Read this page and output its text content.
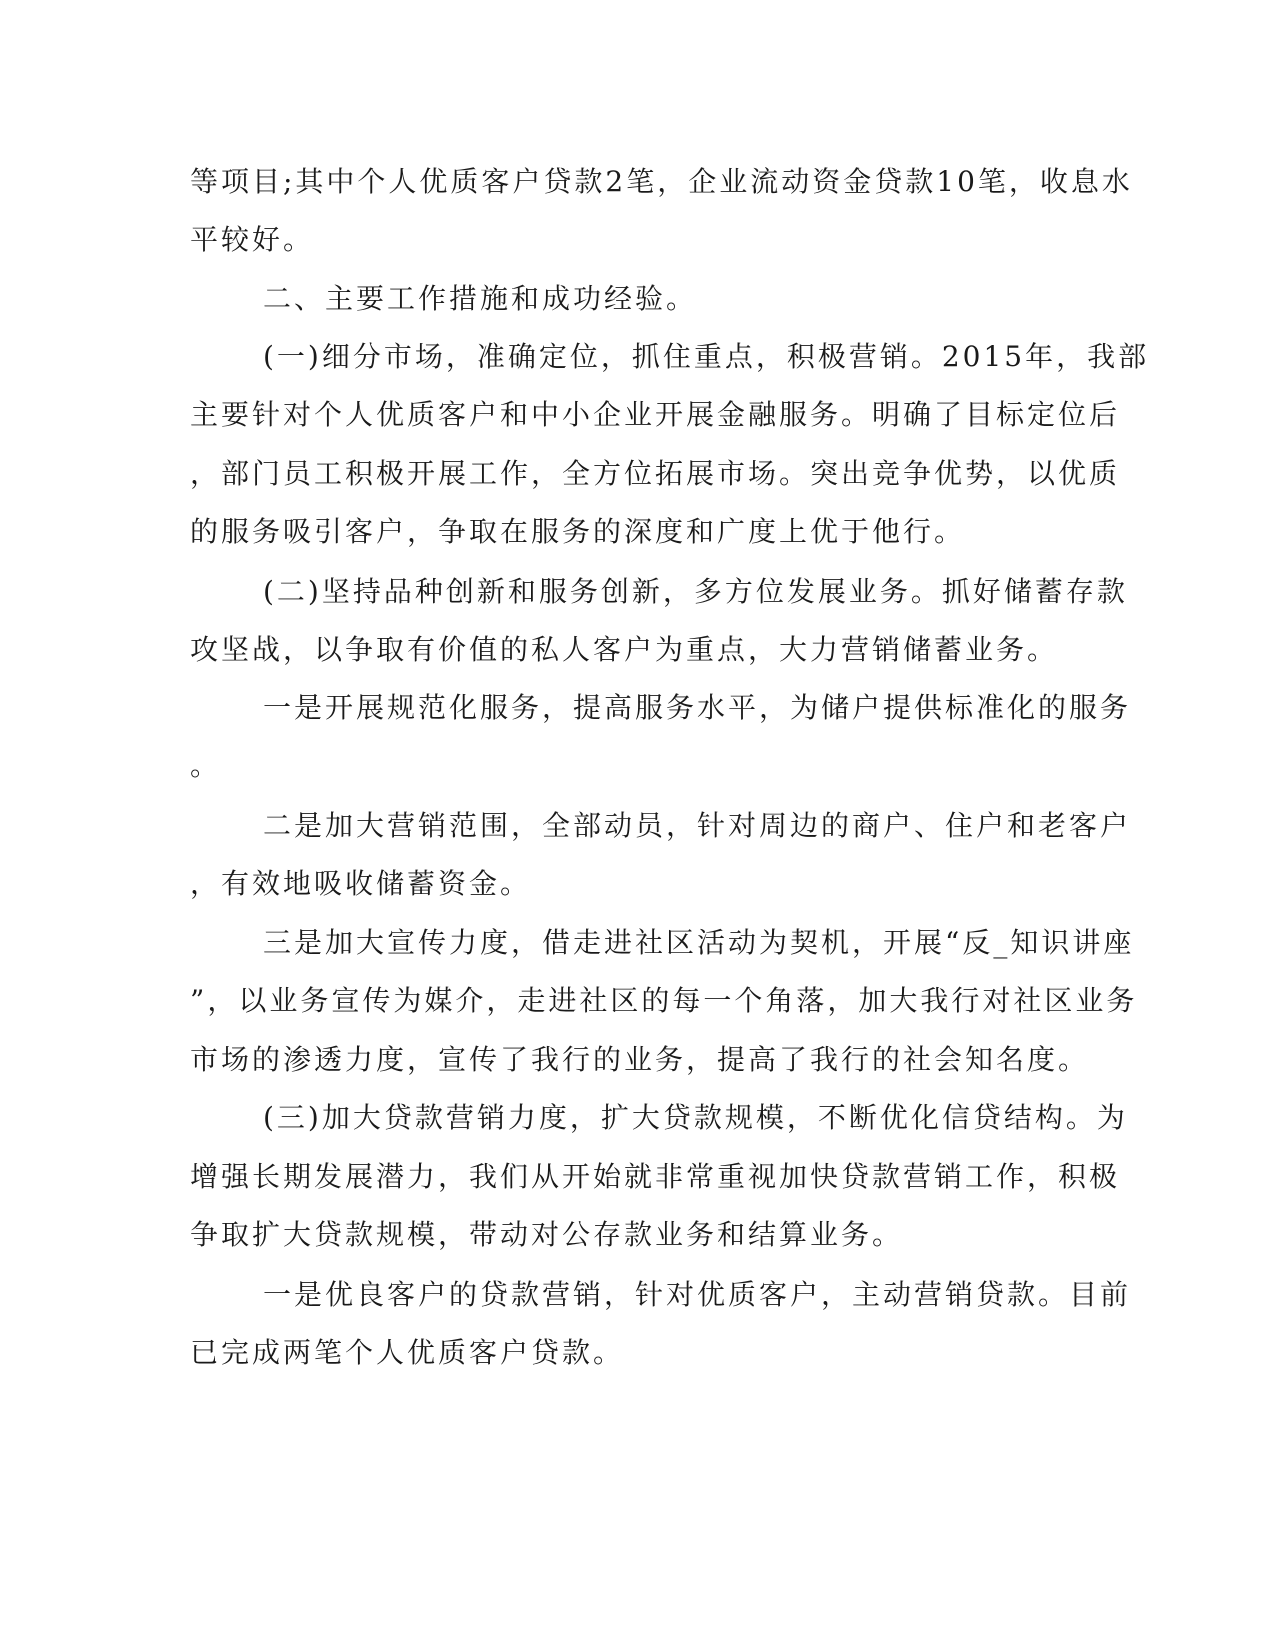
等项目;其中个人优质客户贷款2笔，企业流动资金贷款10笔，收息水
平较好。
二、主要工作措施和成功经验。
(一)细分市场，准确定位，抓住重点，积极营销。2015年，我部
主要针对个人优质客户和中小企业开展金融服务。明确了目标定位后
，部门员工积极开展工作，全方位拓展市场。突出竞争优势，以优质
的服务吸引客户，争取在服务的深度和广度上优于他行。
(二)坚持品种创新和服务创新，多方位发展业务。抓好储蓄存款
攻坚战，以争取有价值的私人客户为重点，大力营销储蓄业务。
一是开展规范化服务，提高服务水平，为储户提供标准化的服务
。
二是加大营销范围，全部动员，针对周边的商户、住户和老客户
，有效地吸收储蓄资金。
三是加大宣传力度，借走进社区活动为契机，开展“反_知识讲座
”，以业务宣传为媒介，走进社区的每一个角落，加大我行对社区业务
市场的渗透力度，宣传了我行的业务，提高了我行的社会知名度。
(三)加大贷款营销力度，扩大贷款规模，不断优化信贷结构。为
增强长期发展潜力，我们从开始就非常重视加快贷款营销工作，积极
争取扩大贷款规模，带动对公存款业务和结算业务。
一是优良客户的贷款营销，针对优质客户，主动营销贷款。目前
已完成两笔个人优质客户贷款。
